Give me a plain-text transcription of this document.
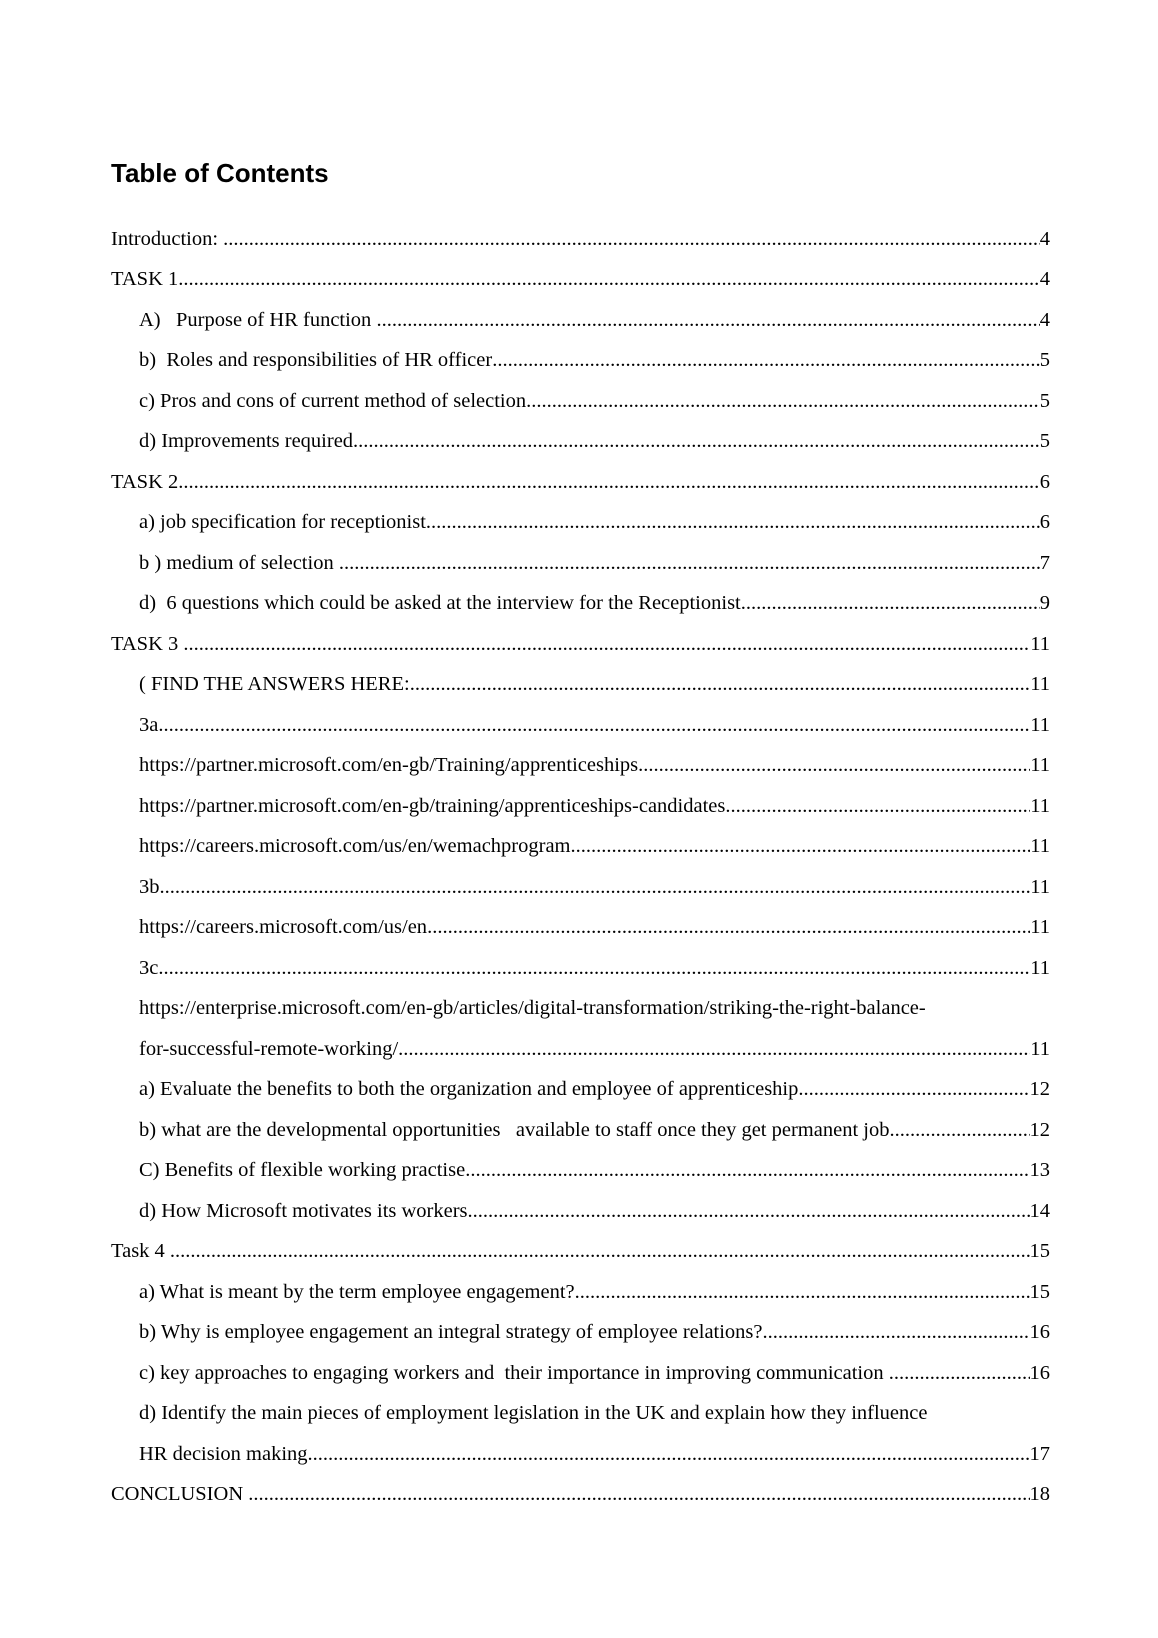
Table of Contents
Introduction: .....	4
TASK 1 .....	4
A)   Purpose of HR function .....	4
b)  Roles and responsibilities of HR officer .....	5
c) Pros and cons of current method of selection .....	5
d) Improvements required .....	5
TASK 2 .....	6
a) job specification for receptionist .....	6
b ) medium of selection .....	7
d)  6 questions which could be asked at the interview for the Receptionist .....	9
TASK 3 .....	11
( FIND THE ANSWERS HERE: .....	11
3a .....	11
https://partner.microsoft.com/en-gb/Training/apprenticeships .....	11
https://partner.microsoft.com/en-gb/training/apprenticeships-candidates .....	11
https://careers.microsoft.com/us/en/wemachprogram .....	11
3b .....	11
https://careers.microsoft.com/us/en .....	11
3c .....	11
https://enterprise.microsoft.com/en-gb/articles/digital-transformation/striking-the-right-balance-
for-successful-remote-working/ .....	11
a) Evaluate the benefits to both the organization and employee of apprenticeship .....	12
b) what are the developmental opportunities   available to staff once they get permanent job .....	12
C) Benefits of flexible working practise .....	13
d) How Microsoft motivates its workers .....	14
Task 4 .....	15
a) What is meant by the term employee engagement? .....	15
b) Why is employee engagement an integral strategy of employee relations? .....	16
c) key approaches to engaging workers and  their importance in improving communication .....	16
d) Identify the main pieces of employment legislation in the UK and explain how they influence
HR decision making .....	17
CONCLUSION .....	18
